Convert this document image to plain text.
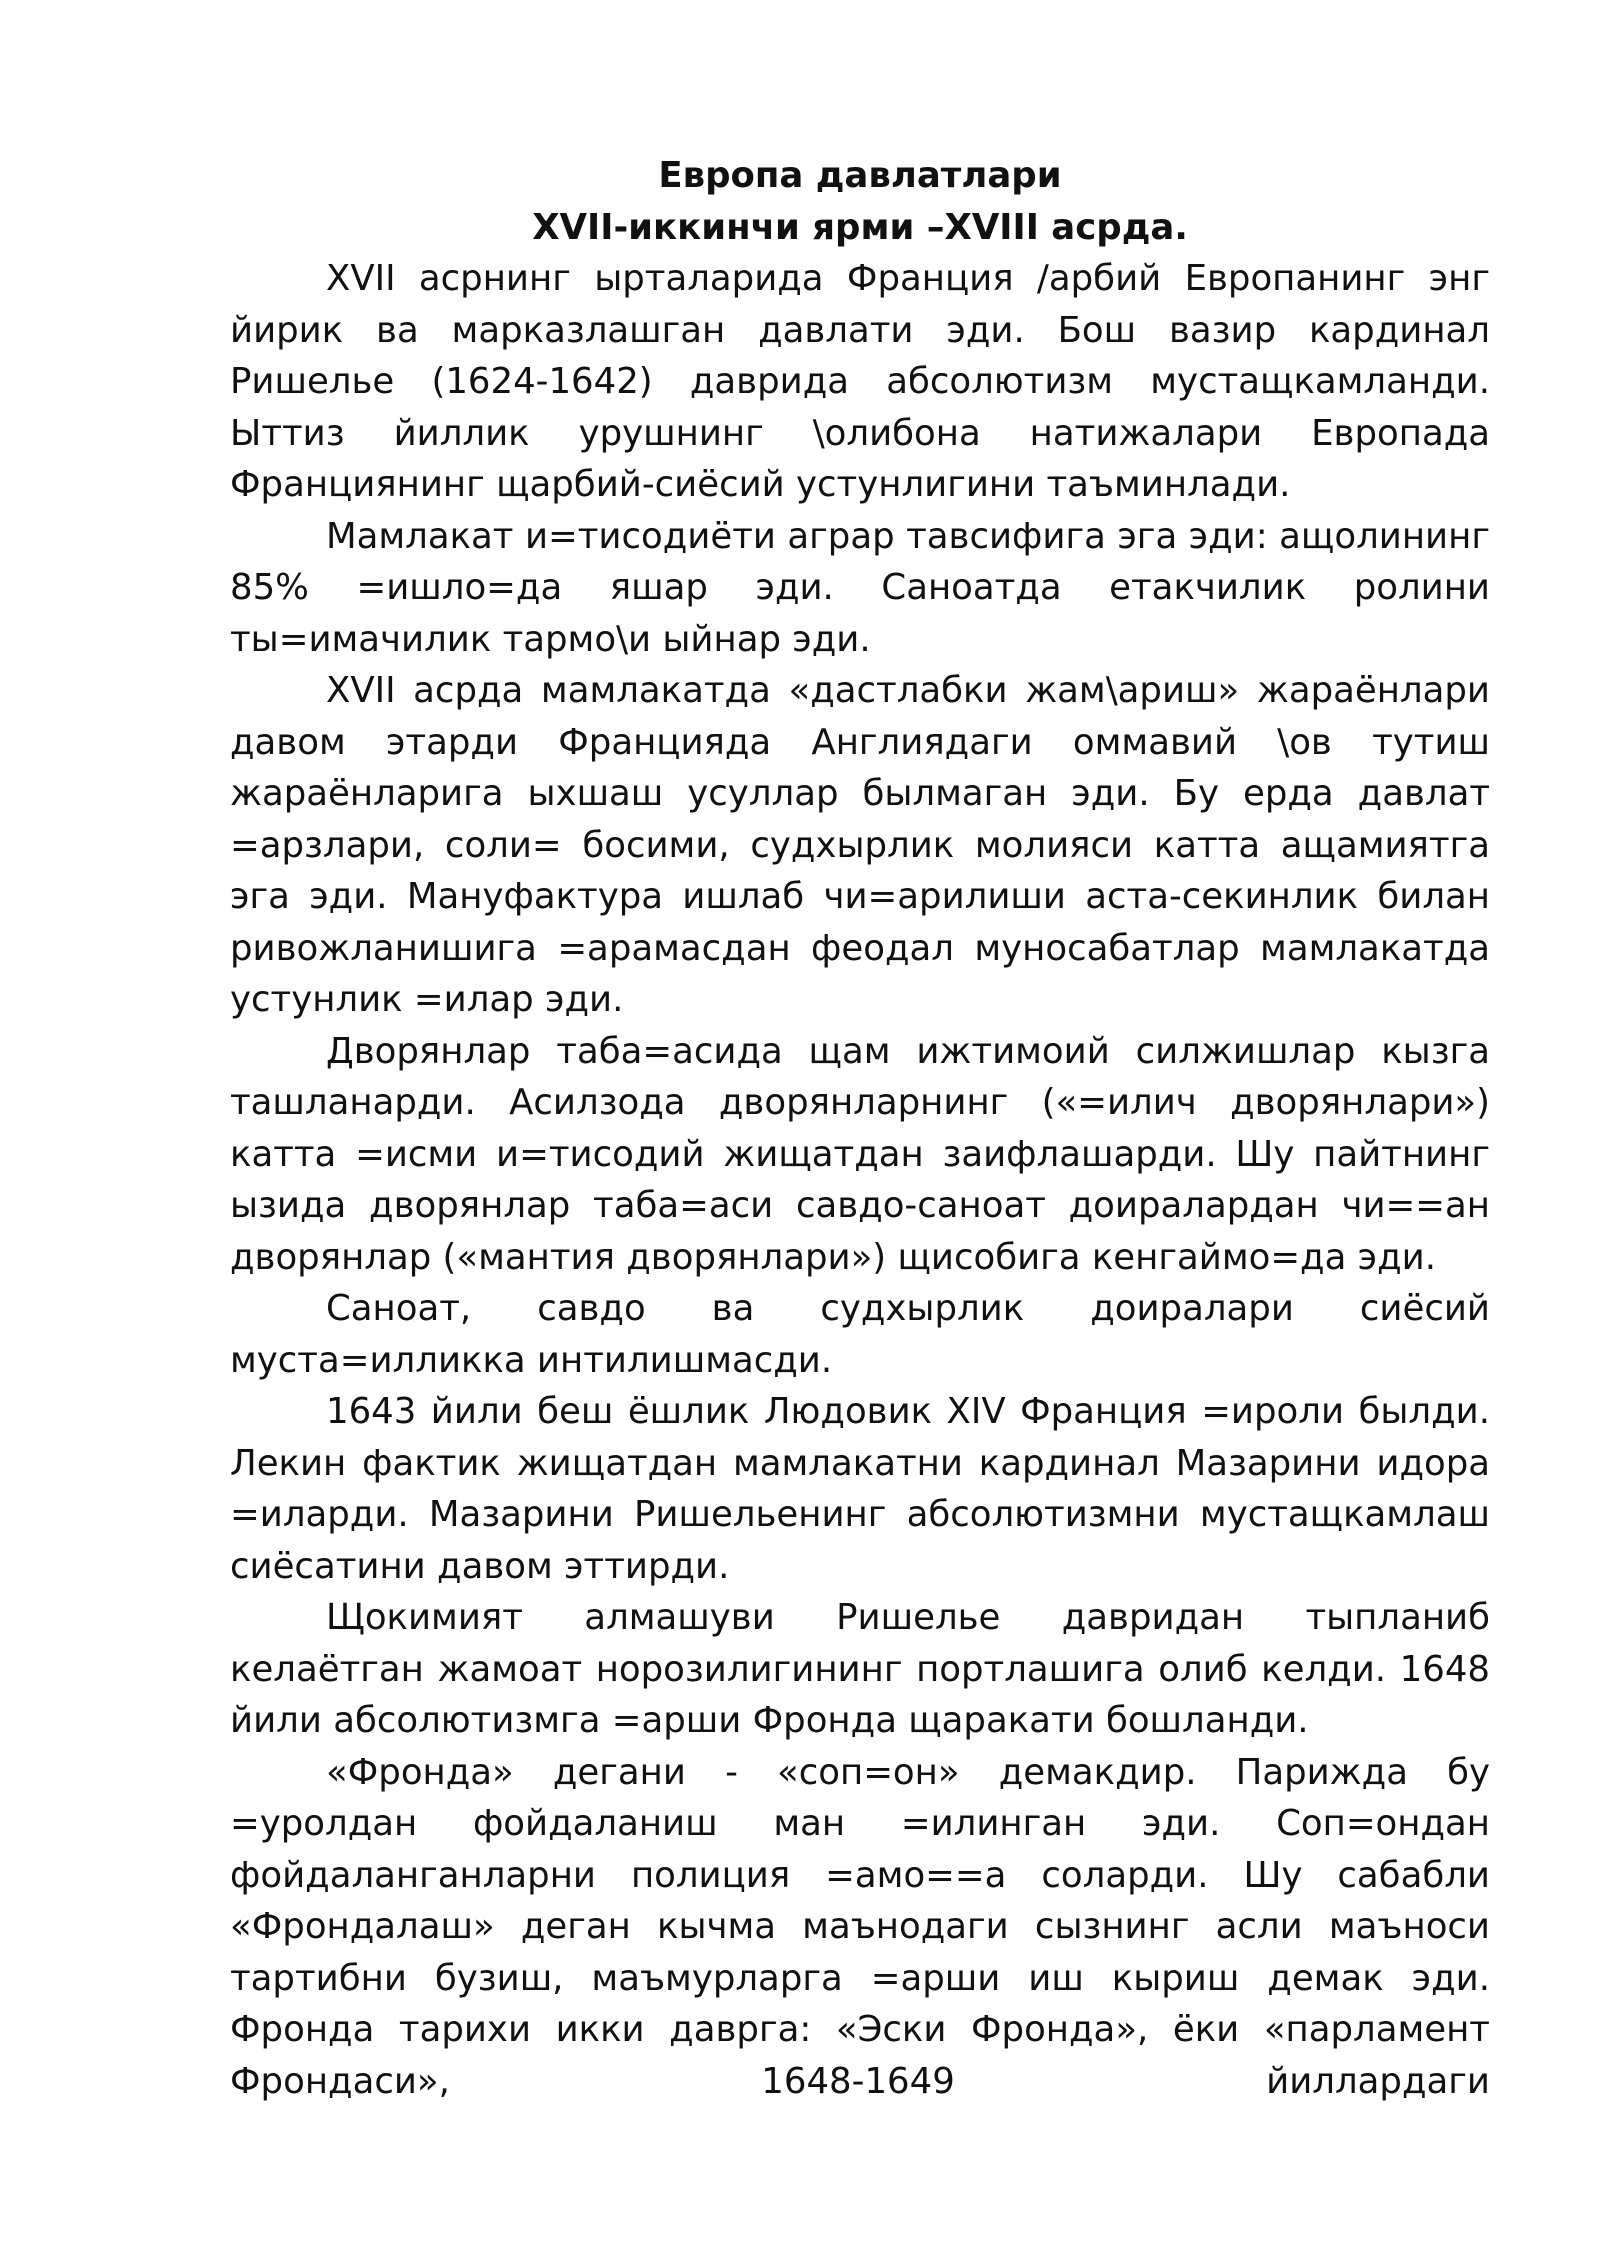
Европа давлатлари

XVII-иккинчи ярми –XVIII асрда.

XVII асрнинг ырталарида Франция /арбий Европанинг энг йирик ва марказлашган давлати эди. Бош вазир кардинал Ришелье (1624-1642) даврида абсолютизм мустащкамланди. Ыттиз йиллик урушнинг \олибона натижалари Европада Франциянинг щарбий-сиёсий устунлигини таъминлади.

Мамлакат и=тисодиёти аграр тавсифига эга эди: ащолининг 85% =ишло=да яшар эди. Саноатда етакчилик ролини ты=имачилик тармо\и ыйнар эди.

XVII асрда мамлакатда «дастлабки жам\ариш» жараёнлари давом этарди Францияда Англиядаги оммавий \ов тутиш жараёнларига ыхшаш усуллар былмаган эди. Бу ерда давлат =арзлари, соли= босими, судхырлик молияси катта ащамиятга эга эди. Мануфактура ишлаб чи=арилиши аста-секинлик билан ривожланишига =арамасдан феодал муносабатлар мамлакатда устунлик =илар эди.

Дворянлар таба=асида щам ижтимоий силжишлар кызга ташланарди. Асилзода дворянларнинг («=илич дворянлари») катта =исми и=тисодий жищатдан заифлашарди. Шу пайтнинг ызида дворянлар таба=аси савдо-саноат доиралардан чи==ан дворянлар («мантия дворянлари») щисобига кенгаймо=да эди.

Саноат, савдо ва судхырлик доиралари сиёсий муста=илликка интилишмасди.

1643 йили беш ёшлик Людовик XIV Франция =ироли былди. Лекин фактик жищатдан мамлакатни кардинал Мазарини идора =иларди. Мазарини Ришельенинг абсолютизмни мустащкамлаш сиёсатини давом эттирди.

Щокимият алмашуви Ришелье давридан тыпланиб келаётган жамоат норозилигининг портлашига олиб келди. 1648 йили абсолютизмга =арши Фронда щаракати бошланди.

«Фронда» дегани - «соп=он» демакдир. Парижда бу =уролдан фойдаланиш ман =илинган эди. Соп=ондан фойдаланганларни полиция =амо==а соларди. Шу сабабли «Фрондалаш» деган кычма маънодаги сызнинг асли маъноси тартибни бузиш, маъмурларга =арши иш кыриш демак эди. Фронда тарихи икки даврга: «Эски Фронда», ёки «парламент Фрондаси», 1648-1649 йиллардаги
